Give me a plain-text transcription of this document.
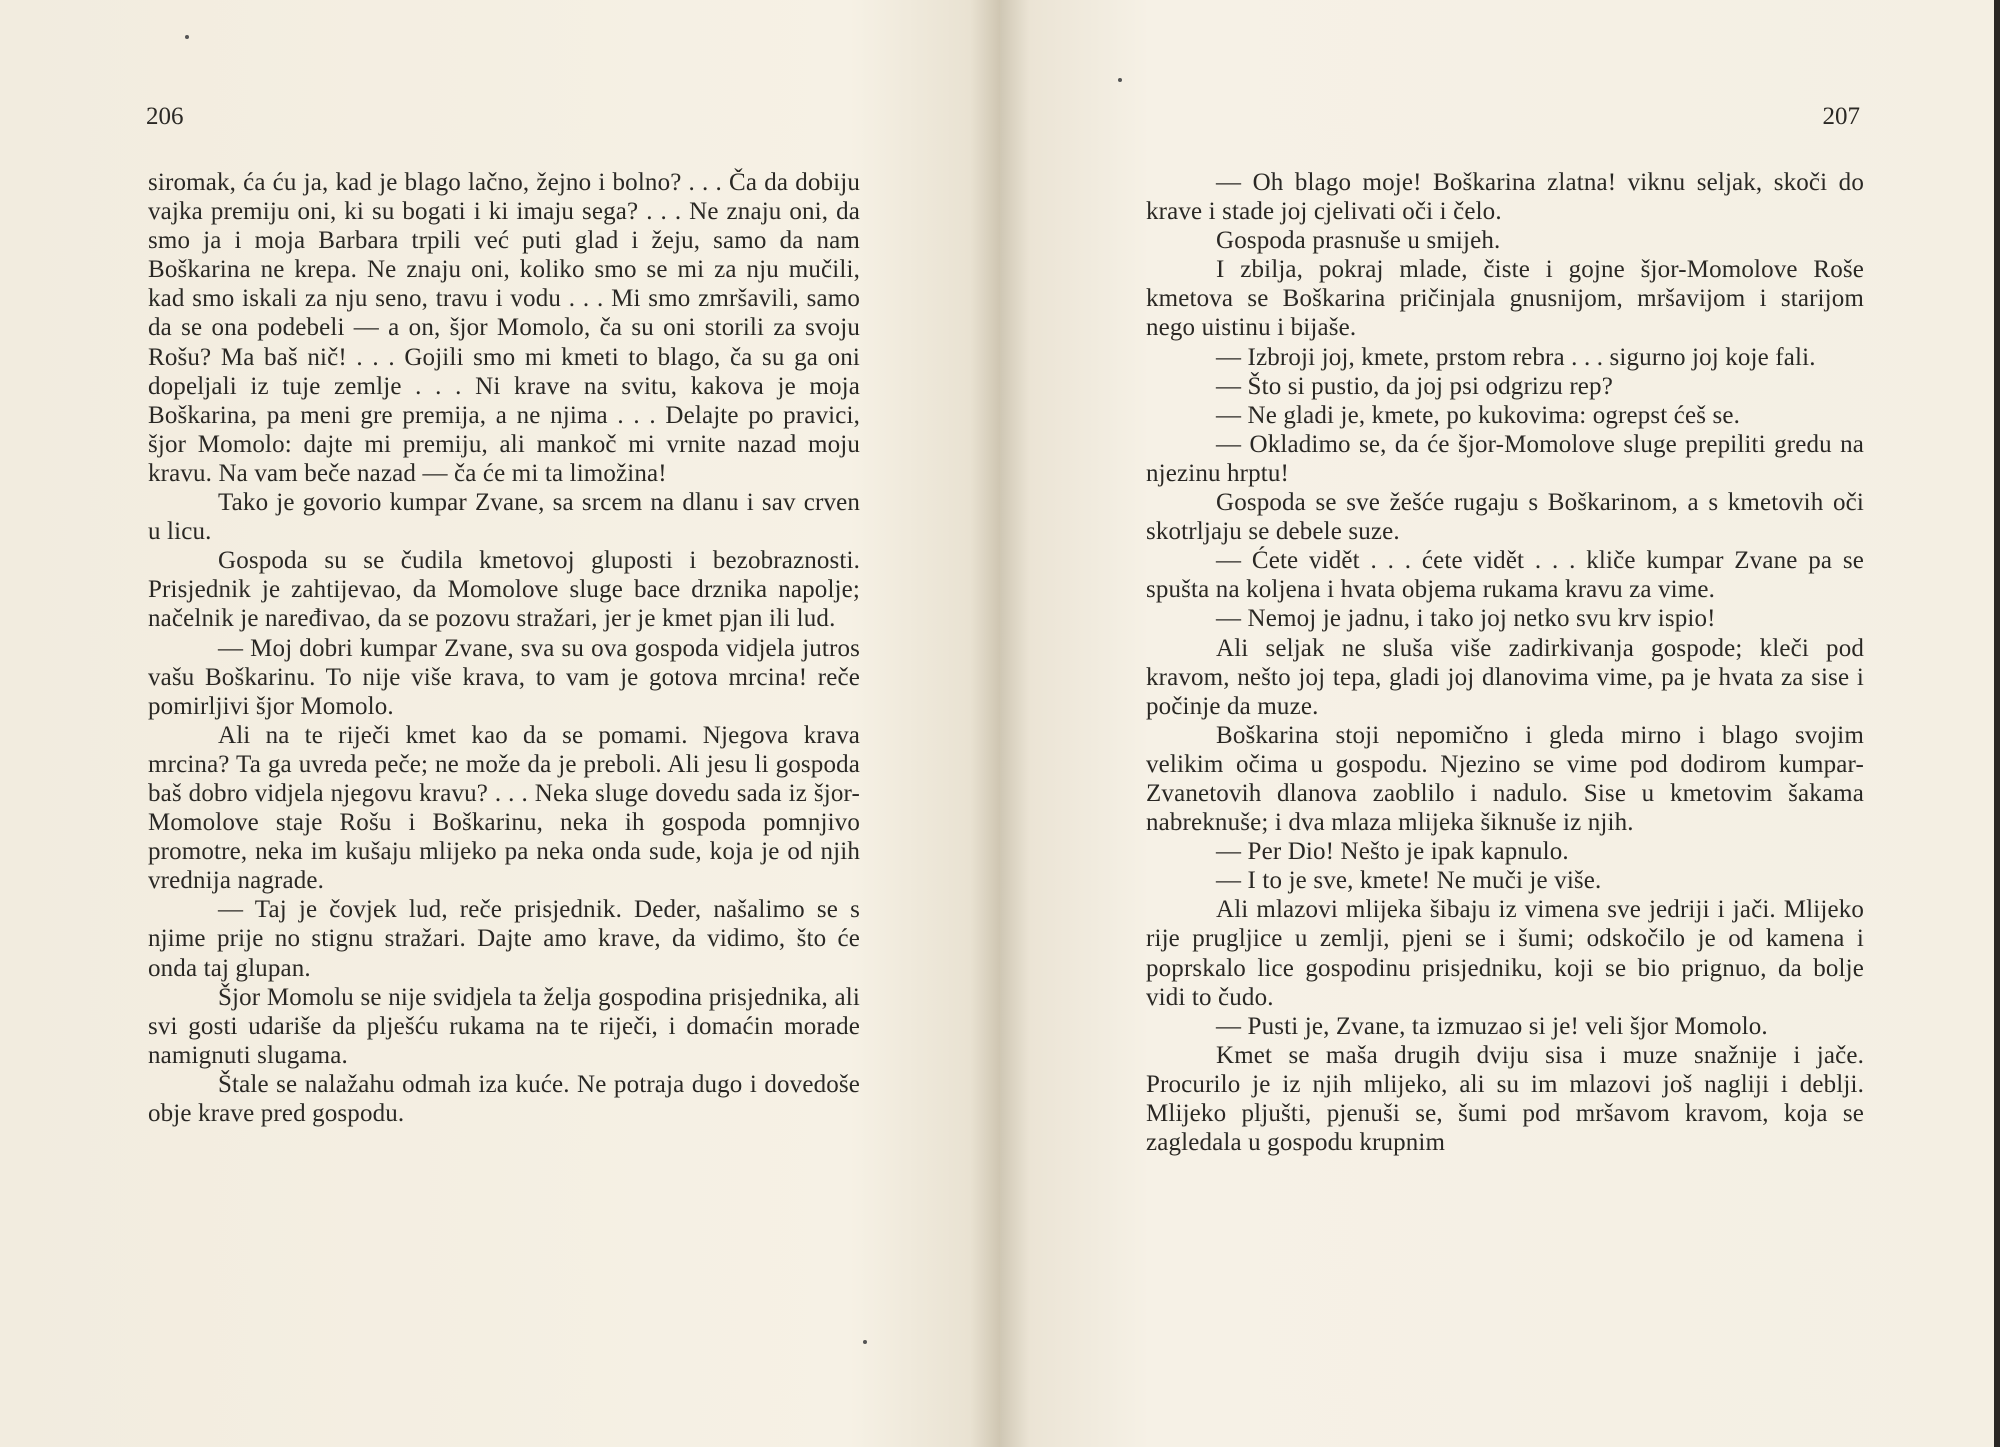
206

siromak, ća ću ja, kad je blago lačno, žejno i bolno? . . . Ča da dobiju vajka premiju oni, ki su bogati i ki imaju sega? . . . Ne znaju oni, da smo ja i moja Barbara trpili već puti glad i žeju, samo da nam Boškarina ne krepa. Ne znaju oni, koliko smo se mi za nju mučili, kad smo iskali za nju seno, travu i vodu . . . Mi smo zmršavili, samo da se ona podebeli — a on, šjor Momolo, ča su oni storili za svoju Rošu? Ma baš nič! . . . Gojili smo mi kmeti to blago, ča su ga oni dopeljali iz tuje zemlje . . . Ni krave na svitu, kakova je moja Boškarina, pa meni gre premija, a ne njima . . . Delajte po pravici, šjor Momolo: dajte mi premiju, ali mankoč mi vrnite nazad moju kravu. Na vam beče nazad — ča će mi ta limožina!

Tako je govorio kumpar Zvane, sa srcem na dlanu i sav crven u licu.

Gospoda su se čudila kmetovoj gluposti i bezobraznosti. Prisjednik je zahtijevao, da Momolove sluge bace drznika napolje; načelnik je naređivao, da se pozovu stražari, jer je kmet pjan ili lud.

— Moj dobri kumpar Zvane, sva su ova gospoda vidjela jutros vašu Boškarinu. To nije više krava, to vam je gotova mrcina! reče pomirljivi šjor Momolo.

Ali na te riječi kmet kao da se pomami. Njegova krava mrcina? Ta ga uvreda peče; ne može da je preboli. Ali jesu li gospoda baš dobro vidjela njegovu kravu? . . . Neka sluge dovedu sada iz šjor-Momolove staje Rošu i Boškarinu, neka ih gospoda pomnjivo promotre, neka im kušaju mlijeko pa neka onda sude, koja je od njih vrednija nagrade.

— Taj je čovjek lud, reče prisjednik. Deder, našalimo se s njime prije no stignu stražari. Dajte amo krave, da vidimo, što će onda taj glupan.

Šjor Momolu se nije svidjela ta želja gospodina prisjednika, ali svi gosti udariše da plješću rukama na te riječi, i domaćin morade namignuti slugama.

Štale se nalažahu odmah iza kuće. Ne potraja dugo i dovedoše obje krave pred gospodu.

207

— Oh blago moje! Boškarina zlatna! viknu seljak, skoči do krave i stade joj cjelivati oči i čelo.

Gospoda prasnuše u smijeh.

I zbilja, pokraj mlade, čiste i gojne šjor-Momolove Roše kmetova se Boškarina pričinjala gnusnijom, mršavijom i starijom nego uistinu i bijaše.

— Izbroji joj, kmete, prstom rebra . . . sigurno joj koje fali.

— Što si pustio, da joj psi odgrizu rep?

— Ne gladi je, kmete, po kukovima: ogrepst ćeš se.

— Okladimo se, da će šjor-Momolove sluge prepiliti gredu na njezinu hrptu!

Gospoda se sve žešće rugaju s Boškarinom, a s kmetovih oči skotrljaju se debele suze.

— Ćete vidět . . . ćete vidět . . . kliče kumpar Zvane pa se spušta na koljena i hvata objema rukama kravu za vime.

— Nemoj je jadnu, i tako joj netko svu krv ispio!

Ali seljak ne sluša više zadirkivanja gospode; kleči pod kravom, nešto joj tepa, gladi joj dlanovima vime, pa je hvata za sise i počinje da muze.

Boškarina stoji nepomično i gleda mirno i blago svojim velikim očima u gospodu. Njezino se vime pod dodirom kumpar-Zvanetovih dlanova zaoblilo i nadulo. Sise u kmetovim šakama nabreknuše; i dva mlaza mlijeka šiknuše iz njih.

— Per Dio! Nešto je ipak kapnulo.

— I to je sve, kmete! Ne muči je više.

Ali mlazovi mlijeka šibaju iz vimena sve jedriji i jači. Mlijeko rije prugljice u zemlji, pjeni se i šumi; odskočilo je od kamena i poprskalo lice gospodinu prisjedniku, koji se bio prignuo, da bolje vidi to čudo.

— Pusti je, Zvane, ta izmuzao si je! veli šjor Momolo.

Kmet se maša drugih dviju sisa i muze snažnije i jače. Procurilo je iz njih mlijeko, ali su im mlazovi još nagliji i deblji. Mlijeko pljušti, pjenuši se, šumi pod mršavom kravom, koja se zagledala u gospodu krupnim
